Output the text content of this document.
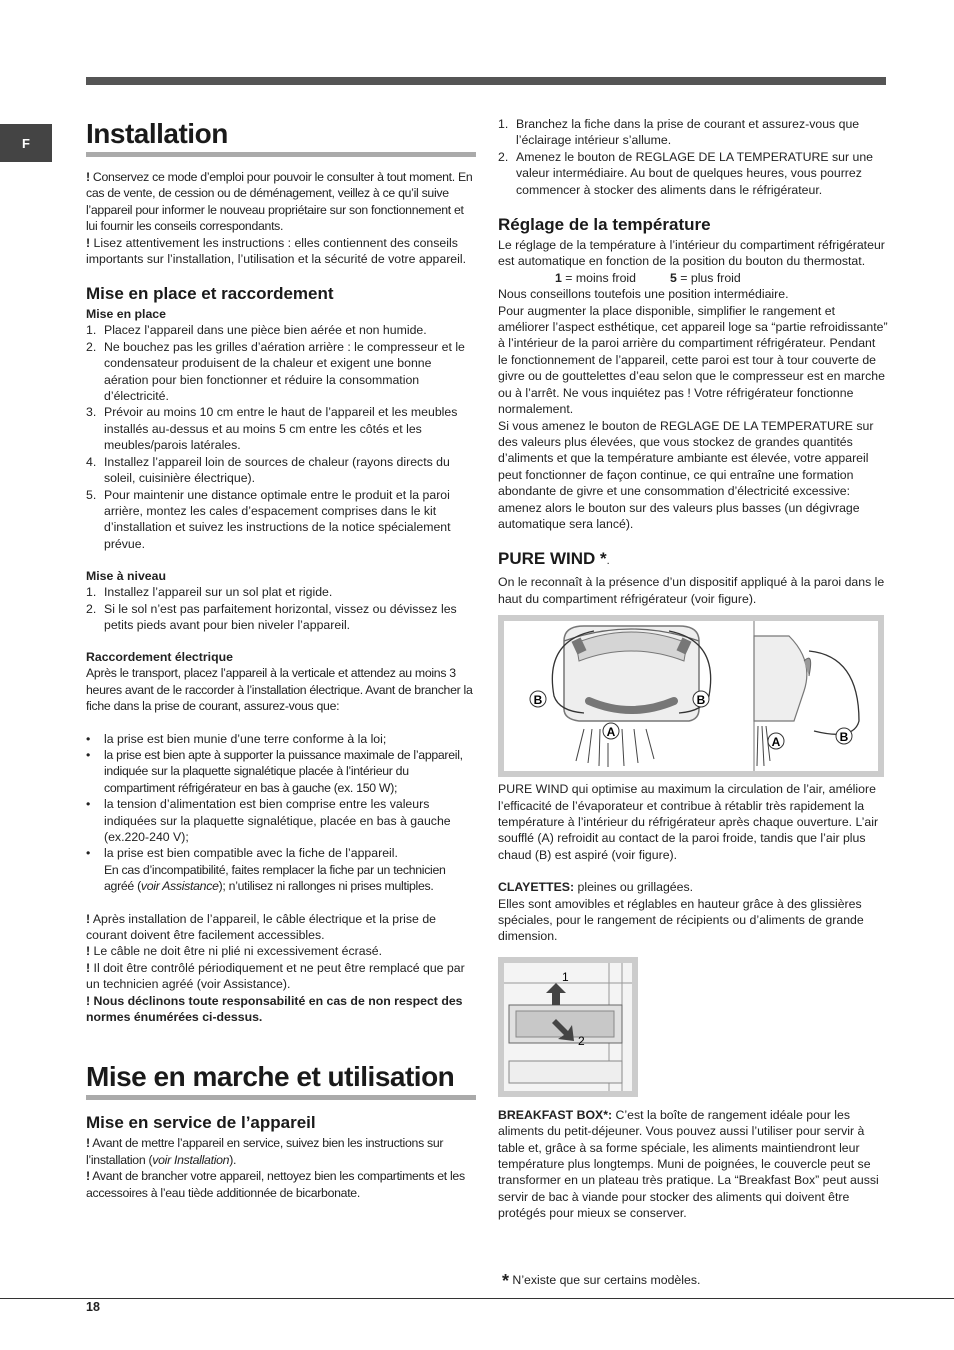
F Installation

! Conservez ce mode d’emploi pour pouvoir le consulter à tout moment. En cas de vente, de cession ou de déménagement, veillez à ce qu’il suive l’appareil pour informer le nouveau propriétaire sur son fonctionnement et lui fournir les conseils correspondants.

! Lisez attentivement les instructions : elles contiennent des conseils importants sur l’installation, l’utilisation et la sécurité de votre appareil.

Mise en place et raccordement
Mise en place
1. Placez l’appareil dans une pièce bien aérée et non humide.
2. Ne bouchez pas les grilles d’aération arrière : le compresseur et le condensateur produisent de la chaleur et exigent une bonne aération pour bien fonctionner et réduire la consommation d’électricité.
3. Prévoir au moins 10 cm entre le haut de l’appareil et les meubles installés au-dessus et au moins 5 cm entre les côtés et les meubles/parois latérales.
4. Installez l’appareil loin de sources de chaleur (rayons directs du soleil, cuisinière électrique).
5. Pour maintenir une distance optimale entre le produit et la paroi arrière, montez les cales d’espacement comprises dans le kit d’installation et suivez les instructions de la notice spécialement prévue.
Mise à niveau
1. Installez l’appareil sur un sol plat et rigide.
2. Si le sol n’est pas parfaitement horizontal, vissez ou dévissez les petits pieds avant pour bien niveler l’appareil.
Raccordement électrique

Après le transport, placez l’appareil à la verticale et attendez au moins 3 heures avant de le raccorder à l’installation électrique. Avant de brancher la fiche dans la prise de courant, assurez-vous que:

• la prise est bien munie d’une terre conforme à la loi;
• la prise est bien apte à supporter la puissance maximale de l’appareil, indiquée sur la plaquette signalétique placée à l’intérieur du compartiment réfrigérateur en bas à gauche (ex. 150 W);
• la tension d’alimentation est bien comprise entre les valeurs indiquées sur la plaquette signalétique, placée en bas à gauche (ex.220-240 V);
• la prise est bien compatible avec la fiche de l’appareil.
En cas d’incompatibilité, faites remplacer la fiche par un technicien agréé (voir Assistance); n’utilisez ni rallonges ni prises multiples.

! Après installation de l’appareil, le câble électrique et la prise de courant doivent être facilement accessibles.

! Le câble ne doit être ni plié ni excessivement écrasé.

! Il doit être contrôlé périodiquement et ne peut être remplacé que par un technicien agréé (voir Assistance).

! Nous déclinons toute responsabilité en cas de non respect des normes énumérées ci-dessus.

Mise en marche et utilisation
Mise en service de l’appareil

! Avant de mettre l’appareil en service, suivez bien les instructions sur l’installation (voir Installation).

! Avant de brancher votre appareil, nettoyez bien les compartiments et les accessoires à l’eau tiède additionnée de bicarbonate.

1. Branchez la fiche dans la prise de courant et assurez-vous que l’éclairage intérieur s’allume.
2. Amenez le bouton de REGLAGE DE LA TEMPERATURE sur une valeur intermédiaire. Au bout de quelques heures, vous pourrez commencer à stocker des aliments dans le réfrigérateur.
Réglage de la température

Le réglage de la température à l’intérieur du compartiment réfrigérateur est automatique en fonction de la position du bouton du thermostat.

1 = moins froid	5 = plus froid

Nous conseillons toutefois une position intermédiaire.

Pour augmenter la place disponible, simplifier le rangement et améliorer l’aspect esthétique, cet appareil loge sa “partie refroidissante” à l’intérieur de la paroi arrière du compartiment réfrigérateur. Pendant le fonctionnement de l’appareil, cette paroi est tour à tour couverte de givre ou de gouttelettes d’eau selon que le compresseur est en marche ou à l’arrêt. Ne vous inquiétez pas ! Votre réfrigérateur fonctionne normalement.

Si vous amenez le bouton de REGLAGE DE LA TEMPERATURE sur des valeurs plus élevées, que vous stockez de grandes quantités d’aliments et que la température ambiante est élevée, votre appareil peut fonctionner de façon continue, ce qui entraîne une formation abondante de givre et une consommation d’électricité excessive: amenez alors le bouton sur des valeurs plus basses (un dégivrage automatique sera lancé).

PURE WIND *.

On le reconnaît à la présence d’un dispositif appliqué à la paroi dans le haut du compartiment réfrigérateur (voir figure).

B	B
A	B
A

PURE WIND qui optimise au maximum la circulation de l’air, améliore l’efficacité de l’évaporateur et contribue à rétablir très rapidement la température à l’intérieur du réfrigérateur après chaque ouverture. L’air soufflé (A) refroidit au contact de la paroi froide, tandis que l’air plus chaud (B) est aspiré (voir figure).

CLAYETTES: pleines ou grillagées.

Elles sont amovibles et réglables en hauteur grâce à des glissières spéciales, pour le rangement de récipients ou d’aliments de grande dimension.

1
2

BREAKFAST BOX*: C’est la boîte de rangement idéale pour les aliments du petit-déjeuner. Vous pouvez aussi l’utiliser pour servir à table et, grâce à sa forme spéciale, les aliments maintiendront leur température plus longtemps. Muni de poignées, le couvercle peut se transformer en un plateau très pratique. La “Breakfast Box” peut aussi servir de bac à viande pour stocker des aliments qui doivent être protégés pour mieux se conserver.

* N’existe que sur certains modèles.
18
